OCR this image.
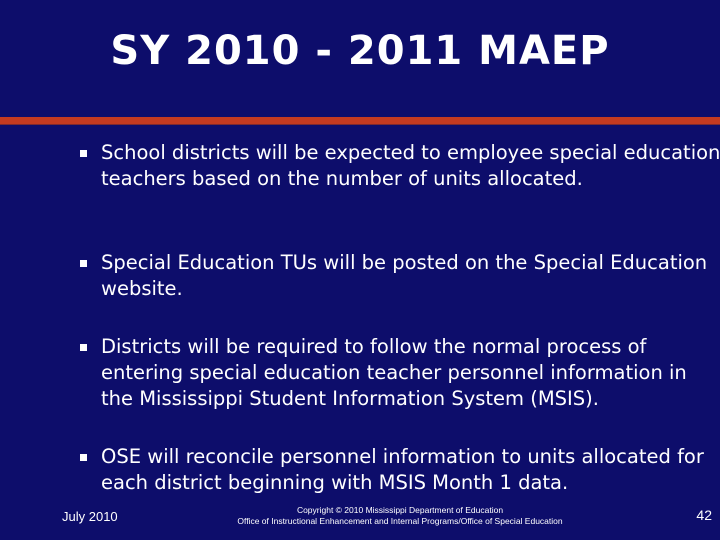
SY 2010 - 2011 MAEP
School districts will be expected to employee special education teachers based on the number of units allocated.
Special Education TUs will be posted on the Special Education website.
Districts will be required to follow the normal process of entering special education teacher personnel information in the Mississippi Student Information System (MSIS).
OSE will reconcile personnel information to units allocated for each district beginning with MSIS Month 1 data.
July 2010	Copyright © 2010 Mississippi Department of Education
Office of Instructional Enhancement and Internal Programs/Office of Special Education	42
